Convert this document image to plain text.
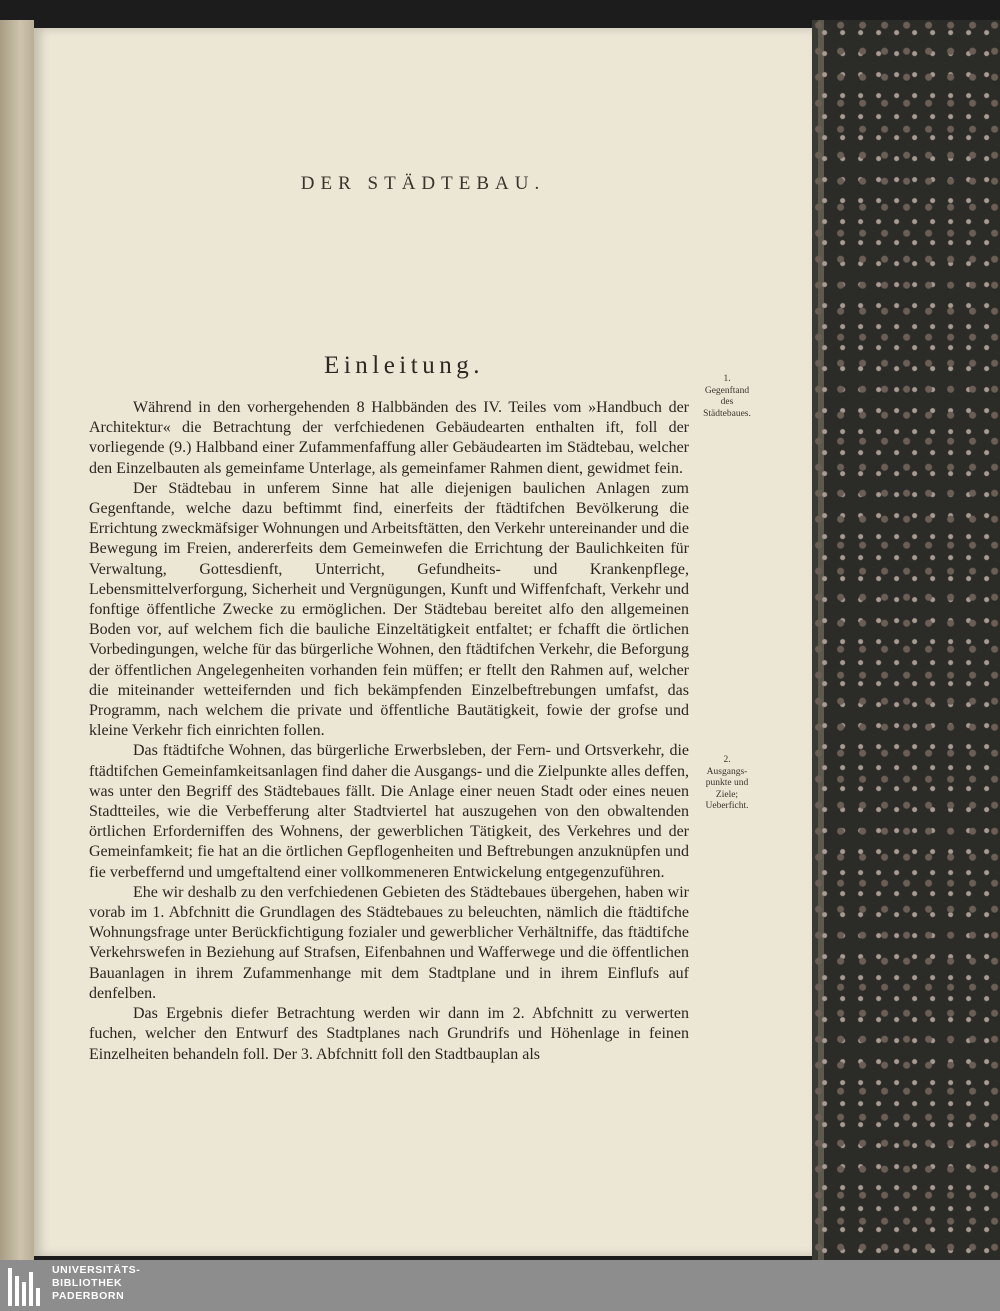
DER STÄDTEBAU.
Einleitung.

Während in den vorhergehenden 8 Halbbänden des IV. Teiles vom »Handbuch der Architektur« die Betrachtung der verfchiedenen Gebäudearten enthalten ift, foll der vorliegende (9.) Halbband einer Zufammenfaffung aller Gebäudearten im Städtebau, welcher den Einzelbauten als gemeinfame Unterlage, als gemeinfamer Rahmen dient, gewidmet fein.

Der Städtebau in unferem Sinne hat alle diejenigen baulichen Anlagen zum Gegenftande, welche dazu beftimmt find, einerfeits der ftädtifchen Bevölkerung die Errichtung zweckmäfsiger Wohnungen und Arbeitsftätten, den Verkehr untereinander und die Bewegung im Freien, andererfeits dem Gemeinwefen die Errichtung der Baulichkeiten für Verwaltung, Gottesdienft, Unterricht, Gefundheits- und Krankenpflege, Lebensmittelverforgung, Sicherheit und Vergnügungen, Kunft und Wiffenfchaft, Verkehr und fonftige öffentliche Zwecke zu ermöglichen. Der Städtebau bereitet alfo den allgemeinen Boden vor, auf welchem fich die bauliche Einzeltätigkeit entfaltet; er fchafft die örtlichen Vorbedingungen, welche für das bürgerliche Wohnen, den ftädtifchen Verkehr, die Beforgung der öffentlichen Angelegenheiten vorhanden fein müffen; er ftellt den Rahmen auf, welcher die miteinander wetteifernden und fich bekämpfenden Einzelbeftrebungen umfafst, das Programm, nach welchem die private und öffentliche Bautätigkeit, fowie der grofse und kleine Verkehr fich einrichten follen.

Das ftädtifche Wohnen, das bürgerliche Erwerbsleben, der Fern- und Ortsverkehr, die ftädtifchen Gemeinfamkeitsanlagen find daher die Ausgangs- und die Zielpunkte alles deffen, was unter den Begriff des Städtebaues fällt. Die Anlage einer neuen Stadt oder eines neuen Stadtteiles, wie die Verbefferung alter Stadtviertel hat auszugehen von den obwaltenden örtlichen Erforderniffen des Wohnens, der gewerblichen Tätigkeit, des Verkehres und der Gemeinfamkeit; fie hat an die örtlichen Gepflogenheiten und Beftrebungen anzuknüpfen und fie verbeffernd und umgeftaltend einer vollkommeneren Entwickelung entgegenzuführen.

Ehe wir deshalb zu den verfchiedenen Gebieten des Städtebaues übergehen, haben wir vorab im 1. Abfchnitt die Grundlagen des Städtebaues zu beleuchten, nämlich die ftädtifche Wohnungsfrage unter Berückfichtigung fozialer und gewerblicher Verhältniffe, das ftädtifche Verkehrswefen in Beziehung auf Strafsen, Eifenbahnen und Wafferwege und die öffentlichen Bauanlagen in ihrem Zufammenhange mit dem Stadtplane und in ihrem Einflufs auf denfelben.

Das Ergebnis diefer Betrachtung werden wir dann im 2. Abfchnitt zu verwerten fuchen, welcher den Entwurf des Stadtplanes nach Grundrifs und Höhenlage in feinen Einzelheiten behandeln foll. Der 3. Abfchnitt foll den Stadtbauplan als

1.
Gegenftand
des
Städtebaues.
2.
Ausgangs-
punkte und
Ziele;
Ueberficht.
UNIVERSITÄTS-
BIBLIOTHEK
PADERBORN
